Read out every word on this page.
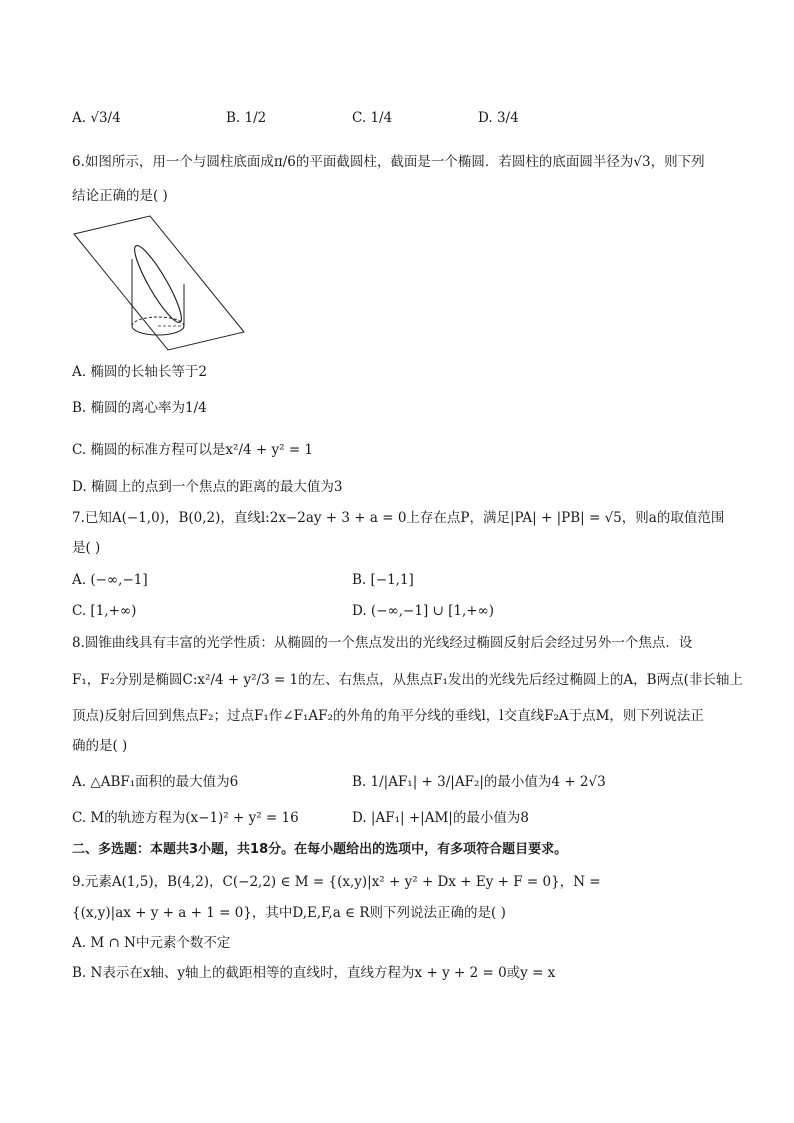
A. √3/4	B. 1/2	C. 1/4	D. 3/4
6.如图所示，用一个与圆柱底面成π/6的平面截圆柱，截面是一个椭圆．若圆柱的底面圆半径为√3，则下列
结论正确的是( )
A. 椭圆的长轴长等于2
B. 椭圆的离心率为1/4
C. 椭圆的标准方程可以是x²/4 + y² = 1
D. 椭圆上的点到一个焦点的距离的最大值为3
7.已知A(−1,0)，B(0,2)，直线l:2x−2ay + 3 + a = 0上存在点P，满足|PA| + |PB| = √5，则a的取值范围
是( )
A. (−∞,−1]	B. [−1,1]
C. [1,+∞)	D. (−∞,−1] ∪ [1,+∞)
8.圆锥曲线具有丰富的光学性质：从椭圆的一个焦点发出的光线经过椭圆反射后会经过另外一个焦点．设
F₁，F₂分别是椭圆C:x²/4 + y²/3 = 1的左、右焦点，从焦点F₁发出的光线先后经过椭圆上的A，B两点(非长轴上
顶点)反射后回到焦点F₂；过点F₁作∠F₁AF₂的外角的角平分线的垂线l，l交直线F₂A于点M，则下列说法正
确的是( )
A. △ABF₁面积的最大值为6	B. 1/|AF₁| + 3/|AF₂|的最小值为4 + 2√3
C. M的轨迹方程为(x−1)² + y² = 16	D. |AF₁| +|AM|的最小值为8
二、多选题：本题共3小题，共18分。在每小题给出的选项中，有多项符合题目要求。
9.元素A(1,5)，B(4,2)，C(−2,2) ∈ M = {(x,y)|x² + y² + Dx + Ey + F = 0}，N =
{(x,y)|ax + y + a + 1 = 0}，其中D,E,F,a ∈ R则下列说法正确的是( )
A. M ∩ N中元素个数不定
B. N表示在x轴、y轴上的截距相等的直线时，直线方程为x + y + 2 = 0或y = x
